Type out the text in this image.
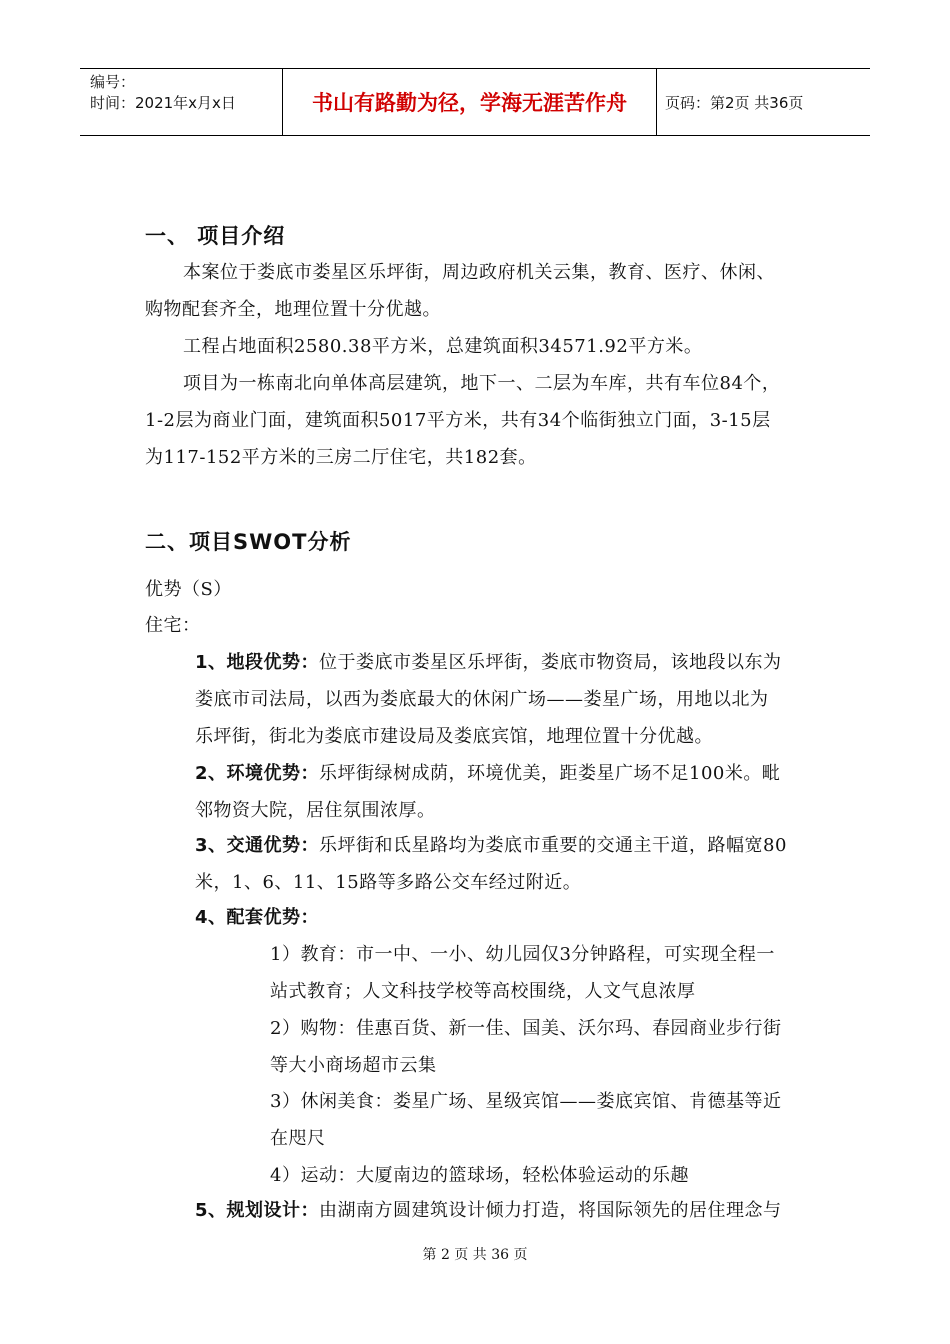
编号：
时间：2021年x月x日	书山有路勤为径，学海无涯苦作舟	页码：第2页 共36页
一、 项目介绍
本案位于娄底市娄星区乐坪街，周边政府机关云集，教育、医疗、休闲、
购物配套齐全，地理位置十分优越。
工程占地面积2580.38平方米，总建筑面积34571.92平方米。
项目为一栋南北向单体高层建筑，地下一、二层为车库，共有车位84个，
1-2层为商业门面，建筑面积5017平方米，共有34个临街独立门面，3-15层
为117-152平方米的三房二厅住宅，共182套。
二、项目SWOT分析
优势（S）
住宅：
1、地段优势：位于娄底市娄星区乐坪街，娄底市物资局，该地段以东为
娄底市司法局，以西为娄底最大的休闲广场——娄星广场，用地以北为
乐坪街，街北为娄底市建设局及娄底宾馆，地理位置十分优越。
2、环境优势：乐坪街绿树成荫，环境优美，距娄星广场不足100米。毗
邻物资大院，居住氛围浓厚。
3、交通优势：乐坪街和氐星路均为娄底市重要的交通主干道，路幅宽80
米，1、6、11、15路等多路公交车经过附近。
4、配套优势：
1）教育：市一中、一小、幼儿园仅3分钟路程，可实现全程一
站式教育；人文科技学校等高校围绕，人文气息浓厚
2）购物：佳惠百货、新一佳、国美、沃尔玛、春园商业步行街
等大小商场超市云集
3）休闲美食：娄星广场、星级宾馆——娄底宾馆、肯德基等近
在咫尺
4）运动：大厦南边的篮球场，轻松体验运动的乐趣
5、规划设计：由湖南方圆建筑设计倾力打造，将国际领先的居住理念与
第 2 页 共 36 页
